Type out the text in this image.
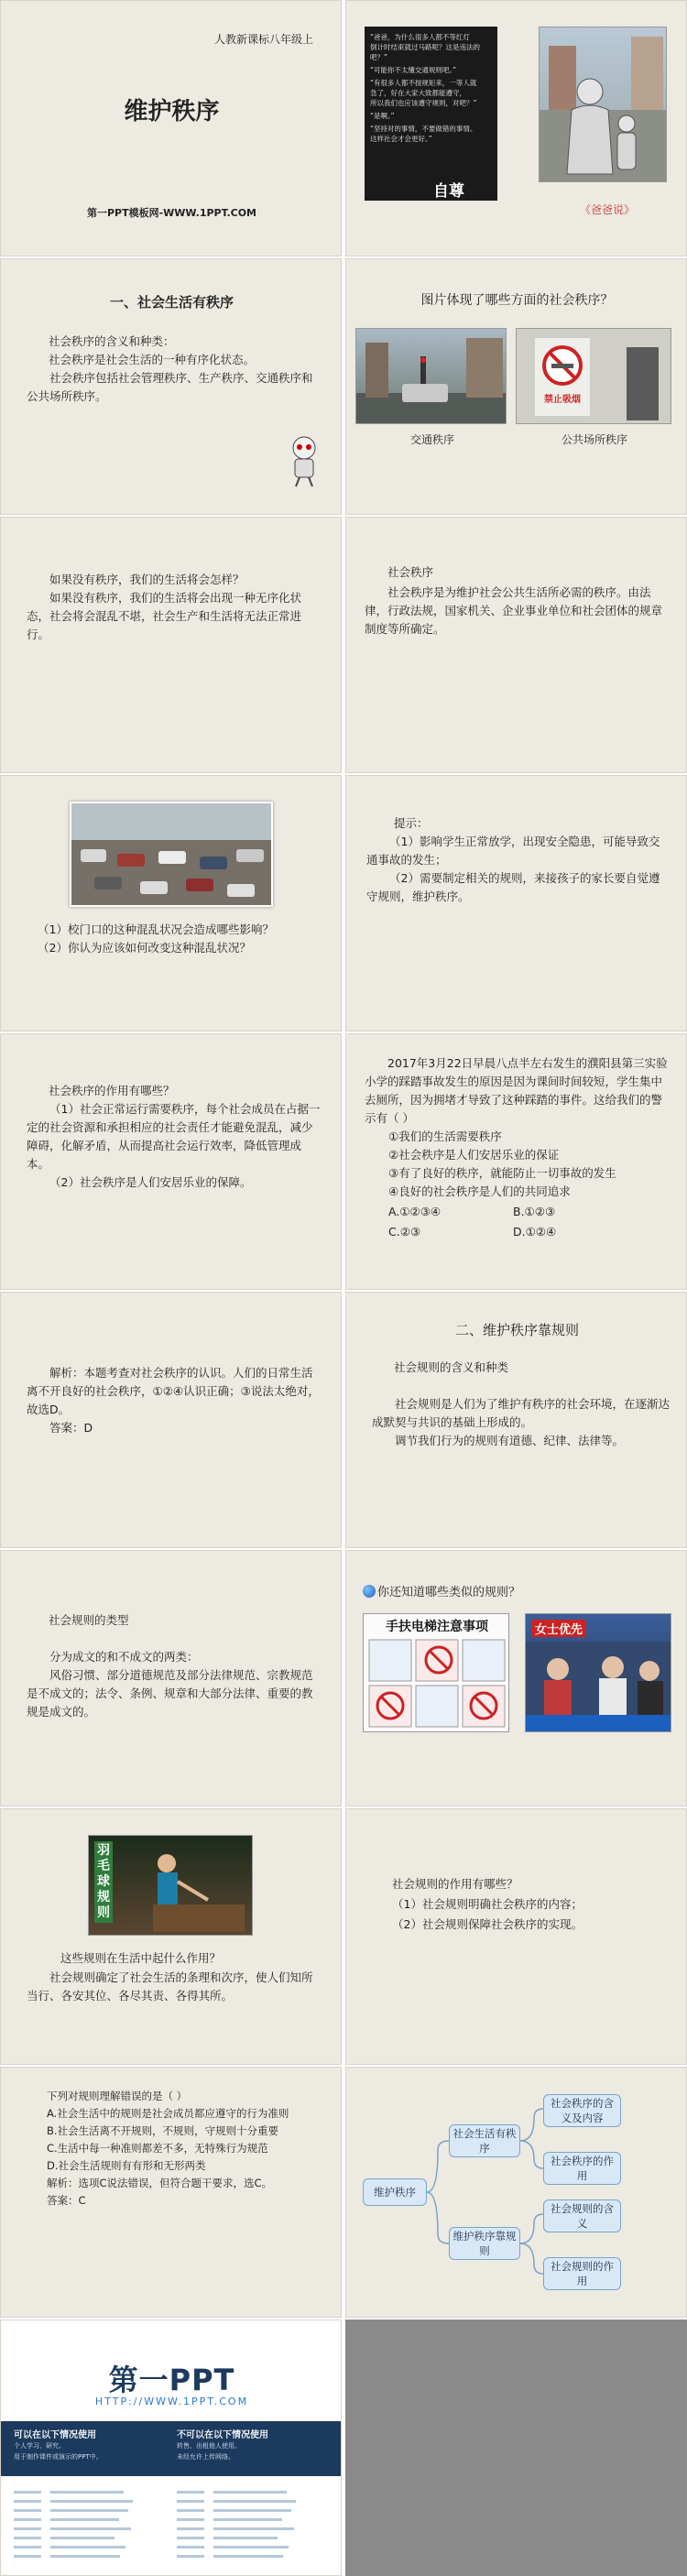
人教新课标八年级上
维护秩序
第一PPT模板网-WWW.1PPT.COM
“爸爸，为什么很多人都不等红灯
倒计时结束就过马路呢？这是违法的吧？”
“可能你不太懂交通规则吧。”
“有很多人都不按规矩来，一等人就
急了，好在大家大致都能遵守，
所以我们也应该遵守规则，对吧？”
“是啊。”
“坚持对的事情，不要做错的事情。
这样社会才会更好。”
自尊
《爸爸说》
一、社会生活有秩序
社会秩序的含义和种类：
社会秩序是社会生活的一种有序化状态。
社会秩序包括社会管理秩序、生产秩序、交通秩序和公共场所秩序。
图片体现了哪些方面的社会秩序？
禁止吸烟
交通秩序	公共场所秩序
如果没有秩序，我们的生活将会怎样？
如果没有秩序，我们的生活将会出现一种无序化状态，社会将会混乱不堪，社会生产和生活将无法正常进行。
社会秩序
社会秩序是为维护社会公共生活所必需的秩序。由法律，行政法规，国家机关、企业事业单位和社会团体的规章制度等所确定。
（1）校门口的这种混乱状况会造成哪些影响？
（2）你认为应该如何改变这种混乱状况？
提示：
（1）影响学生正常放学，出现安全隐患，可能导致交通事故的发生；
（2）需要制定相关的规则，来接孩子的家长要自觉遵守规则，维护秩序。
社会秩序的作用有哪些？
（1）社会正常运行需要秩序，每个社会成员在占据一定的社会资源和承担相应的社会责任才能避免混乱，减少障碍，化解矛盾，从而提高社会运行效率，降低管理成本。
（2）社会秩序是人们安居乐业的保障。
2017年3月22日早晨八点半左右发生的濮阳县第三实验小学的踩踏事故发生的原因是因为课间时间较短，学生集中去厕所，因为拥堵才导致了这种踩踏的事件。这给我们的警示有（ ）
①我们的生活需要秩序
②社会秩序是人们安居乐业的保证
③有了良好的秩序，就能防止一切事故的发生
④良好的社会秩序是人们的共同追求
A.①②③④	B.①②③
C.②③	D.①②④
解析：本题考查对社会秩序的认识。人们的日常生活离不开良好的社会秩序，①②④认识正确；③说法太绝对，故选D。
答案：D
二、维护秩序靠规则
社会规则的含义和种类
社会规则是人们为了维护有秩序的社会环境，在逐渐达成默契与共识的基础上形成的。
调节我们行为的规则有道德、纪律、法律等。
社会规则的类型
分为成文的和不成文的两类：
风俗习惯、部分道德规范及部分法律规范、宗教规范是不成文的；法令、条例、规章和大部分法律、重要的教规是成文的。
你还知道哪些类似的规则？
手扶电梯注意事项	女士优先
羽毛球规则
这些规则在生活中起什么作用？
社会规则确定了社会生活的条理和次序，使人们知所当行、各安其位、各尽其责、各得其所。
社会规则的作用有哪些？
（1）社会规则明确社会秩序的内容；
（2）社会规则保障社会秩序的实现。
下列对规则理解错误的是（ ）
A.社会生活中的规则是社会成员都应遵守的行为准则
B.社会生活离不开规则，不规则，守规则十分重要
C.生活中每一种准则都差不多，无特殊行为规范
D.社会生活规则有有形和无形两类
解析：选项C说法错误，但符合题干要求，选C。
答案：C
维护秩序
社会生活有秩序
维护秩序靠规则
社会秩序的含义及内容
社会秩序的作用
社会规则的含义
社会规则的作用
第一PPT
HTTP://WWW.1PPT.COM
可以在以下情况使用
个人学习、研究。
用于制作课件或演示的PPT中。
不可以在以下情况使用
转售、出租他人使用。
未经允许上传网络。
